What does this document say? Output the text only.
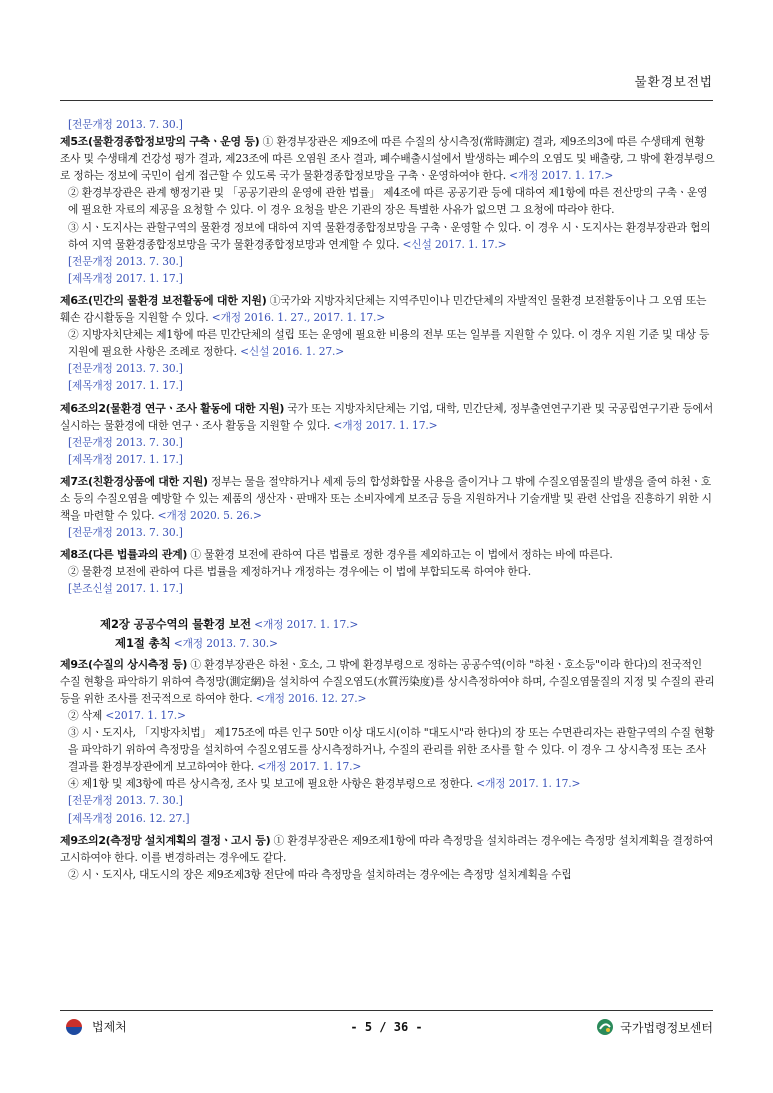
물환경보전법
[전문개정 2013. 7. 30.]
제5조(물환경종합정보망의 구축ㆍ운영 등) ① 환경부장관은 제9조에 따른 수질의 상시측정(常時測定) 결과, 제9조의3에 따른 수생태계 현황 조사 및 수생태계 건강성 평가 결과, 제23조에 따른 오염원 조사 결과, 폐수배출시설에서 발생하는 폐수의 오염도 및 배출량, 그 밖에 환경부령으로 정하는 정보에 국민이 쉽게 접근할 수 있도록 국가 물환경종합정보망을 구축ㆍ운영하여야 한다. <개정 2017. 1. 17.>
② 환경부장관은 관계 행정기관 및 「공공기관의 운영에 관한 법률」 제4조에 따른 공공기관 등에 대하여 제1항에 따른 전산망의 구축ㆍ운영에 필요한 자료의 제공을 요청할 수 있다. 이 경우 요청을 받은 기관의 장은 특별한 사유가 없으면 그 요청에 따라야 한다.
③ 시ㆍ도지사는 관할구역의 물환경 정보에 대하여 지역 물환경종합정보망을 구축ㆍ운영할 수 있다. 이 경우 시ㆍ도지사는 환경부장관과 협의하여 지역 물환경종합정보망을 국가 물환경종합정보망과 연계할 수 있다. <신설 2017. 1. 17.>
[전문개정 2013. 7. 30.]
[제목개정 2017. 1. 17.]
제6조(민간의 물환경 보전활동에 대한 지원) ①국가와 지방자치단체는 지역주민이나 민간단체의 자발적인 물환경 보전활동이나 그 오염 또는 훼손 감시활동을 지원할 수 있다. <개정 2016. 1. 27., 2017. 1. 17.>
② 지방자치단체는 제1항에 따른 민간단체의 설립 또는 운영에 필요한 비용의 전부 또는 일부를 지원할 수 있다. 이 경우 지원 기준 및 대상 등 지원에 필요한 사항은 조례로 정한다. <신설 2016. 1. 27.>
[전문개정 2013. 7. 30.]
[제목개정 2017. 1. 17.]
제6조의2(물환경 연구ㆍ조사 활동에 대한 지원) 국가 또는 지방자치단체는 기업, 대학, 민간단체, 정부출연연구기관 및 국공립연구기관 등에서 실시하는 물환경에 대한 연구ㆍ조사 활동을 지원할 수 있다. <개정 2017. 1. 17.>
[전문개정 2013. 7. 30.]
[제목개정 2017. 1. 17.]
제7조(친환경상품에 대한 지원) 정부는 물을 절약하거나 세제 등의 합성화합물 사용을 줄이거나 그 밖에 수질오염물질의 발생을 줄여 하천ㆍ호소 등의 수질오염을 예방할 수 있는 제품의 생산자ㆍ판매자 또는 소비자에게 보조금 등을 지원하거나 기술개발 및 관련 산업을 진흥하기 위한 시책을 마련할 수 있다. <개정 2020. 5. 26.>
[전문개정 2013. 7. 30.]
제8조(다른 법률과의 관계) ① 물환경 보전에 관하여 다른 법률로 정한 경우를 제외하고는 이 법에서 정하는 바에 따른다.
② 물환경 보전에 관하여 다른 법률을 제정하거나 개정하는 경우에는 이 법에 부합되도록 하여야 한다.
[본조신설 2017. 1. 17.]
제2장 공공수역의 물환경 보전 <개정 2017. 1. 17.>
제1절 총칙 <개정 2013. 7. 30.>
제9조(수질의 상시측정 등) ① 환경부장관은 하천ㆍ호소, 그 밖에 환경부령으로 정하는 공공수역(이하 "하천ㆍ호소등"이라 한다)의 전국적인 수질 현황을 파악하기 위하여 측정망(測定網)을 설치하여 수질오염도(水質汚染度)를 상시측정하여야 하며, 수질오염물질의 지정 및 수질의 관리 등을 위한 조사를 전국적으로 하여야 한다. <개정 2016. 12. 27.>
② 삭제 <2017. 1. 17.>
③ 시ㆍ도지사, 「지방자치법」 제175조에 따른 인구 50만 이상 대도시(이하 "대도시"라 한다)의 장 또는 수면관리자는 관할구역의 수질 현황을 파악하기 위하여 측정망을 설치하여 수질오염도를 상시측정하거나, 수질의 관리를 위한 조사를 할 수 있다. 이 경우 그 상시측정 또는 조사 결과를 환경부장관에게 보고하여야 한다. <개정 2017. 1. 17.>
④ 제1항 및 제3항에 따른 상시측정, 조사 및 보고에 필요한 사항은 환경부령으로 정한다. <개정 2017. 1. 17.>
[전문개정 2013. 7. 30.]
[제목개정 2016. 12. 27.]
제9조의2(측정망 설치계획의 결정ㆍ고시 등) ① 환경부장관은 제9조제1항에 따라 측정망을 설치하려는 경우에는 측정망 설치계획을 결정하여 고시하여야 한다. 이를 변경하려는 경우에도 같다.
② 시ㆍ도지사, 대도시의 장은 제9조제3항 전단에 따라 측정망을 설치하려는 경우에는 측정망 설치계획을 수립
법제처	- 5 / 36 -	국가법령정보센터
